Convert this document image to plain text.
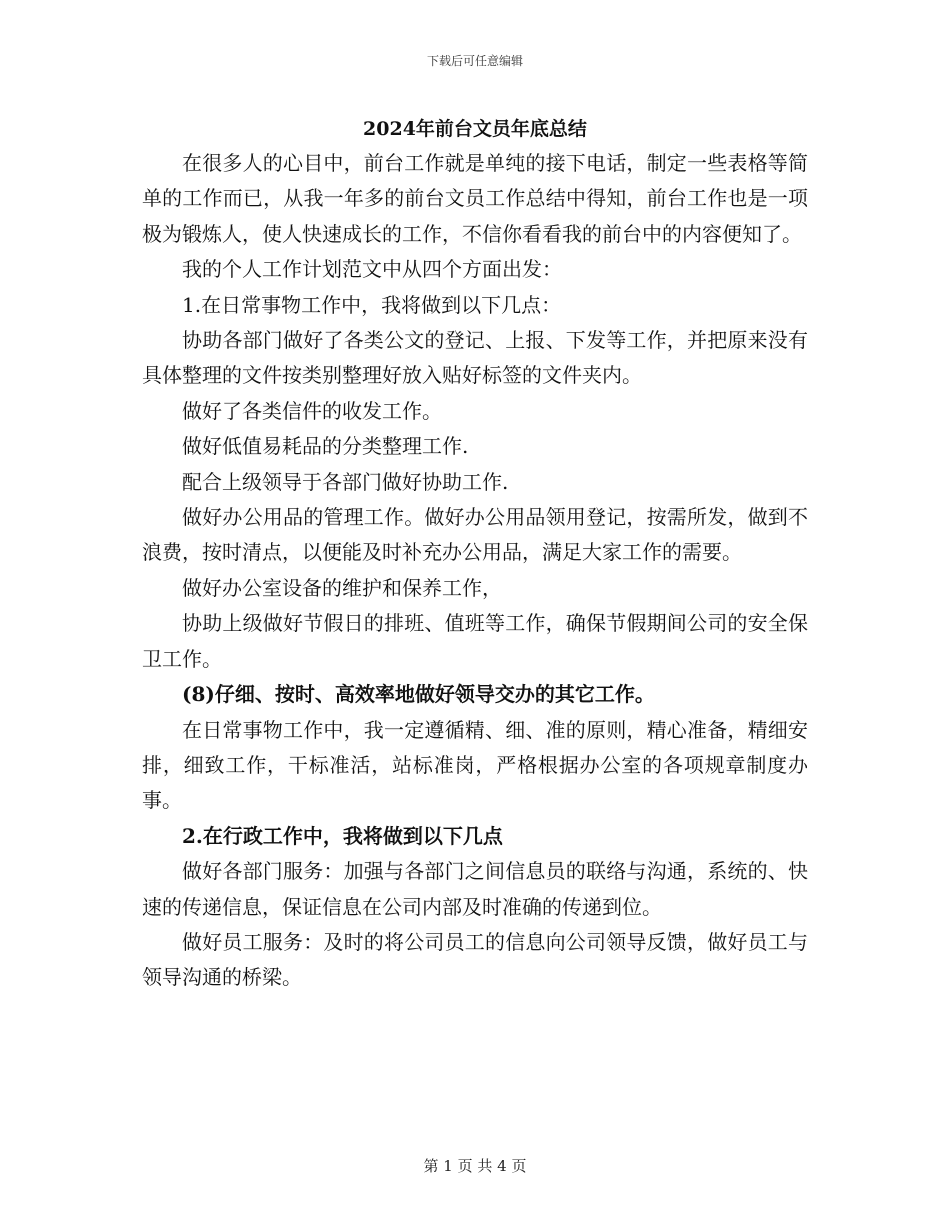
下载后可任意编辑
2024年前台文员年底总结

在很多人的心目中，前台工作就是单纯的接下电话，制定一些表格等简单的工作而已，从我一年多的前台文员工作总结中得知，前台工作也是一项极为锻炼人，使人快速成长的工作，不信你看看我的前台中的内容便知了。

我的个人工作计划范文中从四个方面出发：

1.在日常事物工作中，我将做到以下几点：

协助各部门做好了各类公文的登记、上报、下发等工作，并把原来没有具体整理的文件按类别整理好放入贴好标签的文件夹内。

做好了各类信件的收发工作。

做好低值易耗品的分类整理工作.

配合上级领导于各部门做好协助工作.

做好办公用品的管理工作。做好办公用品领用登记，按需所发，做到不浪费，按时清点，以便能及时补充办公用品，满足大家工作的需要。

做好办公室设备的维护和保养工作，

协助上级做好节假日的排班、值班等工作，确保节假期间公司的安全保卫工作。

(8)仔细、按时、高效率地做好领导交办的其它工作。

在日常事物工作中，我一定遵循精、细、准的原则，精心准备，精细安排，细致工作，干标准活，站标准岗，严格根据办公室的各项规章制度办事。

2.在行政工作中，我将做到以下几点

做好各部门服务：加强与各部门之间信息员的联络与沟通，系统的、快速的传递信息，保证信息在公司内部及时准确的传递到位。

做好员工服务：及时的将公司员工的信息向公司领导反馈，做好员工与领导沟通的桥梁。

第 1 页 共 4 页
